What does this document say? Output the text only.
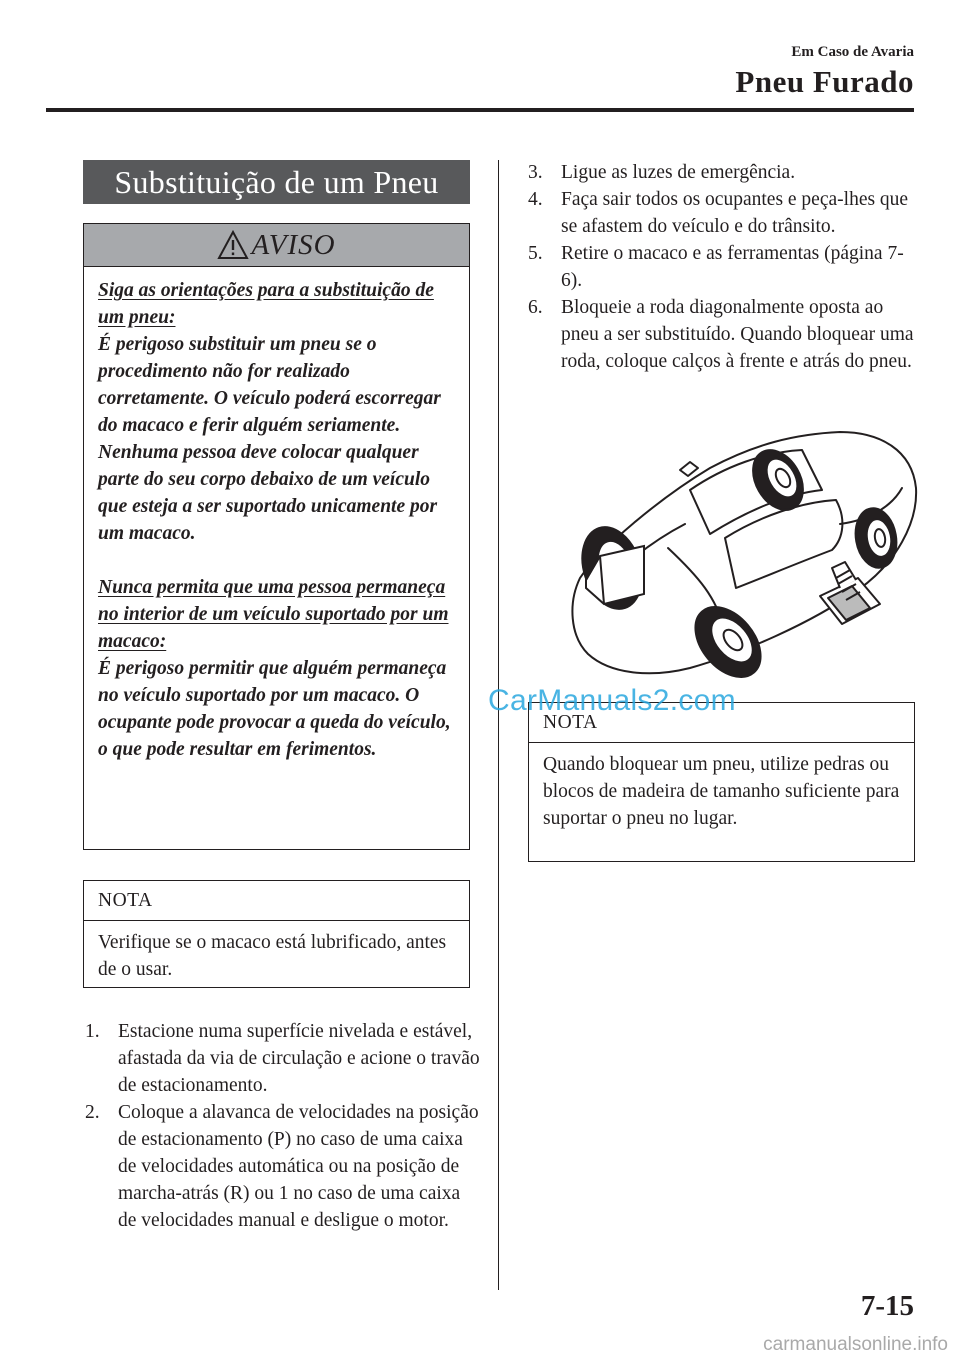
Em Caso de Avaria
Pneu Furado
Substituição de um Pneu
AVISO
Siga as orientações para a substituição de um pneu:
É perigoso substituir um pneu se o procedimento não for realizado corretamente. O veículo poderá escorregar do macaco e ferir alguém seriamente.
Nenhuma pessoa deve colocar qualquer parte do seu corpo debaixo de um veículo que esteja a ser suportado unicamente por um macaco.
Nunca permita que uma pessoa permaneça no interior de um veículo suportado por um macaco:
É perigoso permitir que alguém permaneça no veículo suportado por um macaco. O ocupante pode provocar a queda do veículo, o que pode resultar em ferimentos.
NOTA
Verifique se o macaco está lubrificado, antes de o usar.
1. Estacione numa superfície nivelada e estável, afastada da via de circulação e acione o travão de estacionamento.
2. Coloque a alavanca de velocidades na posição de estacionamento (P) no caso de uma caixa de velocidades automática ou na posição de marcha-atrás (R) ou 1 no caso de uma caixa de velocidades manual e desligue o motor.
3. Ligue as luzes de emergência.
4. Faça sair todos os ocupantes e peça-lhes que se afastem do veículo e do trânsito.
5. Retire o macaco e as ferramentas (página 7-6).
6. Bloqueie a roda diagonalmente oposta ao pneu a ser substituído. Quando bloquear uma roda, coloque calços à frente e atrás do pneu.
NOTA
Quando bloquear um pneu, utilize pedras ou blocos de madeira de tamanho suficiente para suportar o pneu no lugar.
CarManuals2.com
7-15
carmanualsonline.info
